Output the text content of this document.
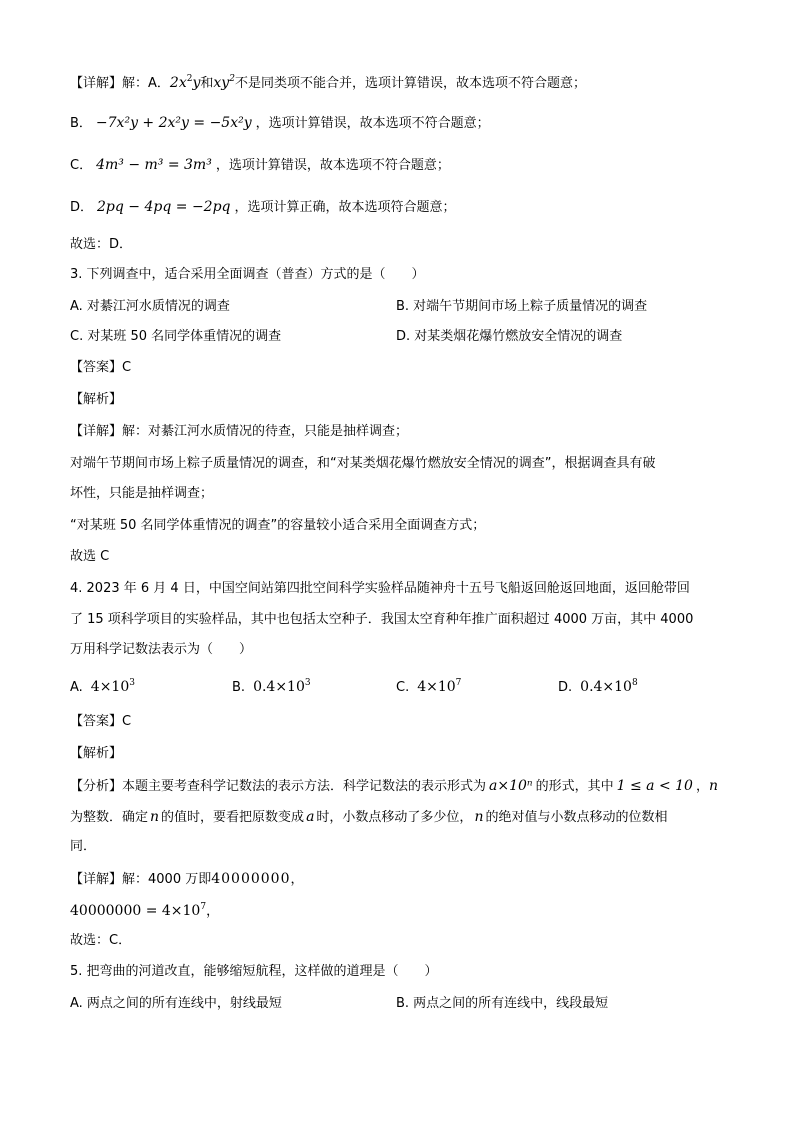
【详解】解：A．$2x^2y$和$xy^2$不是同类项不能合并，选项计算错误，故本选项不符合题意；
B． −7x²y + 2x²y = −5x²y ，选项计算错误，故本选项不符合题意；
C． 4m³ − m³ = 3m³ ，选项计算错误，故本选项不符合题意；
D． 2pq − 4pq = −2pq ，选项计算正确，故本选项符合题意；
故选：D．
3. 下列调查中，适合采用全面调查（普查）方式的是（　　）
A. 对綦江河水质情况的调查	B. 对端午节期间市场上粽子质量情况的调查
C. 对某班 50 名同学体重情况的调查	D. 对某类烟花爆竹燃放安全情况的调查
【答案】C
【解析】
【详解】解：对綦江河水质情况的待查，只能是抽样调查；
对端午节期间市场上粽子质量情况的调查，和“对某类烟花爆竹燃放安全情况的调查”，根据调查具有破
坏性，只能是抽样调查；
“对某班 50 名同学体重情况的调查”的容量较小适合采用全面调查方式；
故选 C
4. 2023 年 6 月 4 日，中国空间站第四批空间科学实验样品随神舟十五号飞船返回舱返回地面，返回舱带回
了 15 项科学项目的实验样品，其中也包括太空种子．我国太空育种年推广面积超过 4000 万亩，其中 4000
万用科学记数法表示为（　　）
A. $4\times 10^3$	B. $0.4\times 10^3$	C. $4\times 10^7$	D. $0.4\times 10^8$
【答案】C
【解析】
【分析】本题主要考查科学记数法的表示方法．科学记数法的表示形式为 a×10ⁿ 的形式，其中 1 ≤ a < 10 ，n
为整数．确定 n 的值时，要看把原数变成 a 时，小数点移动了多少位， n 的绝对值与小数点移动的位数相
同．
【详解】解：4000 万即40000000，
$40000000 = 4\times 10^7$，
故选：C．
5. 把弯曲的河道改直，能够缩短航程，这样做的道理是（　　）
A. 两点之间的所有连线中，射线最短	B. 两点之间的所有连线中，线段最短
